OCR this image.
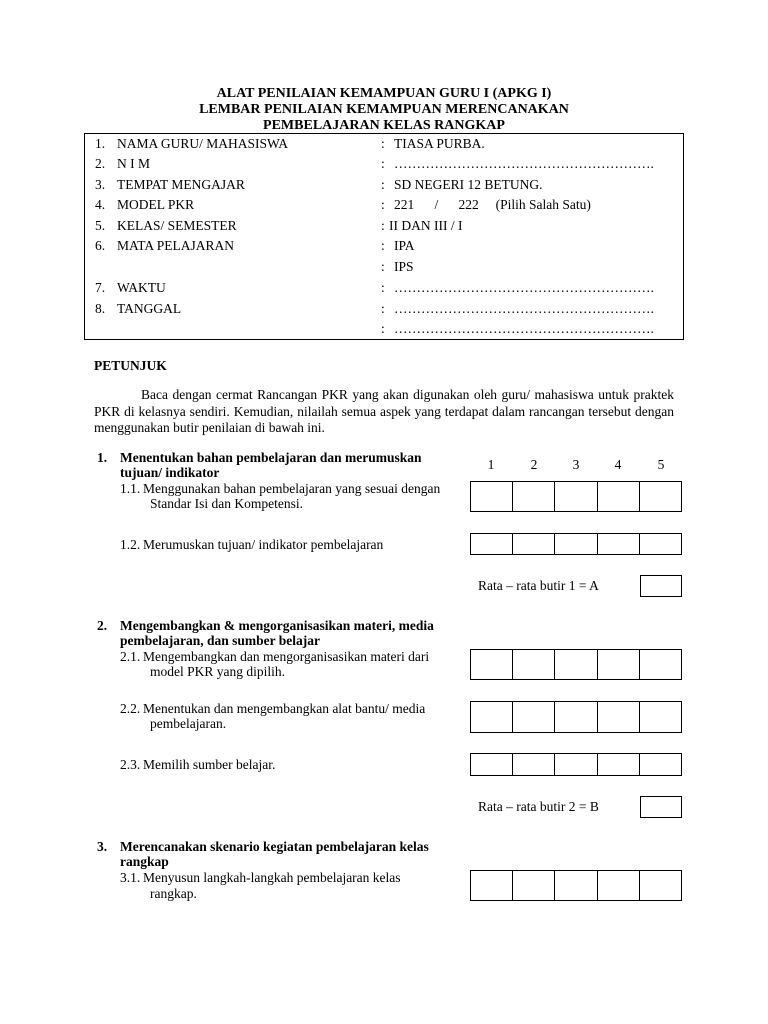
ALAT PENILAIAN KEMAMPUAN GURU I (APKG I)
LEMBAR PENILAIAN KEMAMPUAN MERENCANAKAN
PEMBELAJARAN KELAS RANGKAP
1. NAMA GURU/ MAHASISWA	: TIASA PURBA.
2. N I M	: ………………………………………………….
3. TEMPAT MENGAJAR	: SD NEGERI 12 BETUNG.
4. MODEL PKR	: 221      /      222     (Pilih Salah Satu)
5. KELAS/ SEMESTER	: II DAN III / I
6. MATA PELAJARAN	: IPA
: IPS
7. WAKTU	: ………………………………………………….
8. TANGGAL	: ………………………………………………….
: ………………………………………………….
PETUNJUK
Baca dengan cermat Rancangan PKR yang akan digunakan oleh guru/ mahasiswa untuk praktek PKR di kelasnya sendiri. Kemudian, nilailah semua aspek yang terdapat dalam rancangan tersebut dengan menggunakan butir penilaian di bawah ini.
1	2	3	4	5
1. Menentukan bahan pembelajaran dan merumuskan
tujuan/ indikator
1.1. Menggunakan bahan pembelajaran yang sesuai dengan
Standar Isi dan Kompetensi.
1.2. Merumuskan tujuan/ indikator pembelajaran
Rata – rata butir 1 = A
2. Mengembangkan & mengorganisasikan materi, media
pembelajaran, dan sumber belajar
2.1. Mengembangkan dan mengorganisasikan materi dari
model PKR yang dipilih.
2.2. Menentukan dan mengembangkan alat bantu/ media
pembelajaran.
2.3. Memilih sumber belajar.
Rata – rata butir 2 = B
3. Merencanakan skenario kegiatan pembelajaran kelas
rangkap
3.1. Menyusun langkah-langkah pembelajaran kelas
rangkap.
